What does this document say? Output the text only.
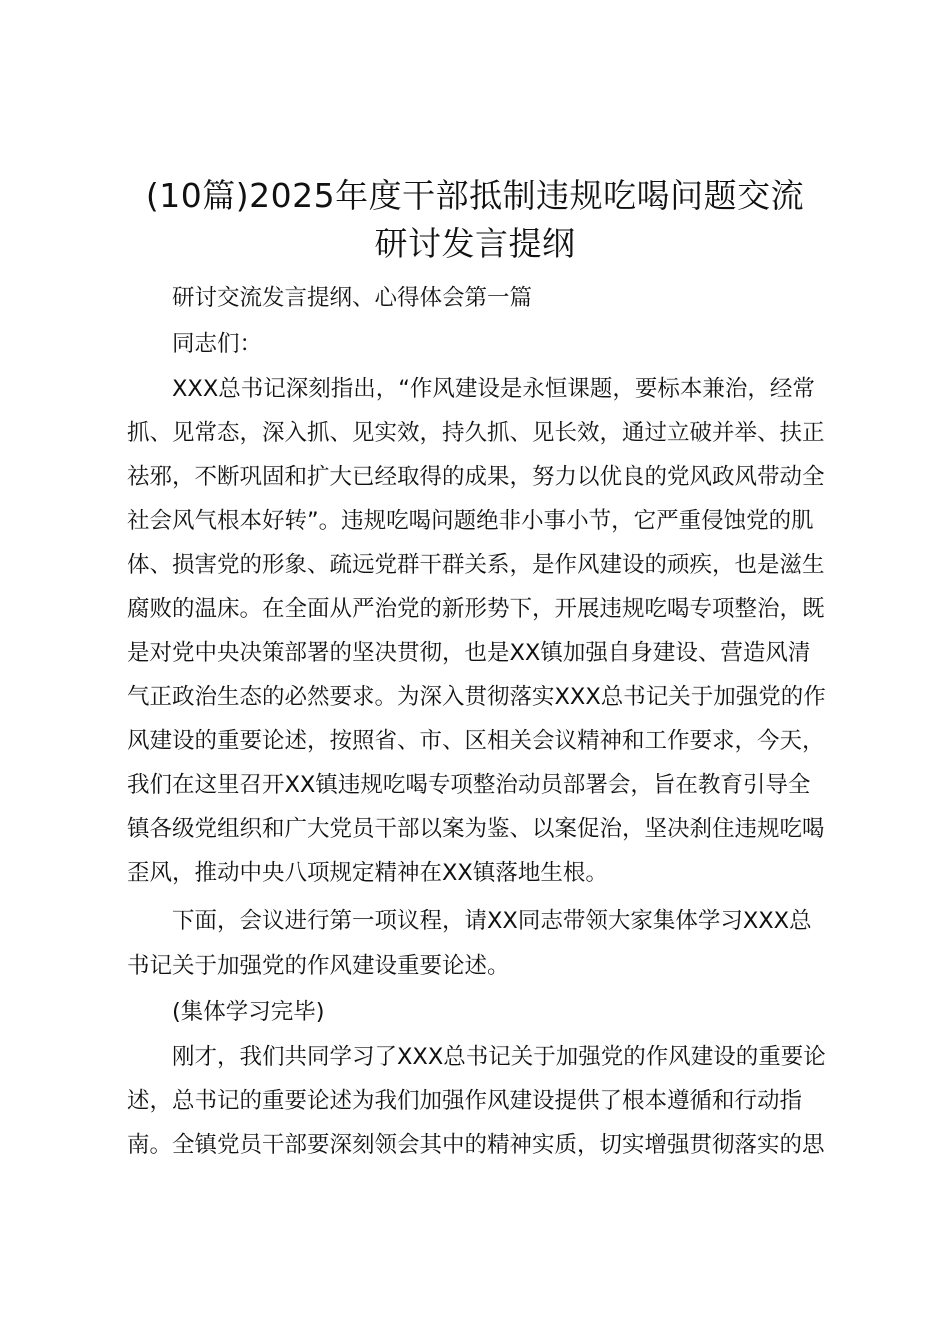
(10篇)2025年度干部抵制违规吃喝问题交流
研讨发言提纲
研讨交流发言提纲、心得体会第一篇
同志们：
XXX总书记深刻指出，“作风建设是永恒课题，要标本兼治，经常
抓、见常态，深入抓、见实效，持久抓、见长效，通过立破并举、扶正
祛邪，不断巩固和扩大已经取得的成果，努力以优良的党风政风带动全
社会风气根本好转”。违规吃喝问题绝非小事小节，它严重侵蚀党的肌
体、损害党的形象、疏远党群干群关系，是作风建设的顽疾，也是滋生
腐败的温床。在全面从严治党的新形势下，开展违规吃喝专项整治，既
是对党中央决策部署的坚决贯彻，也是XX镇加强自身建设、营造风清
气正政治生态的必然要求。为深入贯彻落实XXX总书记关于加强党的作
风建设的重要论述，按照省、市、区相关会议精神和工作要求，今天，
我们在这里召开XX镇违规吃喝专项整治动员部署会，旨在教育引导全
镇各级党组织和广大党员干部以案为鉴、以案促治，坚决刹住违规吃喝
歪风，推动中央八项规定精神在XX镇落地生根。
下面，会议进行第一项议程，请XX同志带领大家集体学习XXX总
书记关于加强党的作风建设重要论述。
(集体学习完毕)
刚才，我们共同学习了XXX总书记关于加强党的作风建设的重要论
述，总书记的重要论述为我们加强作风建设提供了根本遵循和行动指
南。全镇党员干部要深刻领会其中的精神实质，切实增强贯彻落实的思
